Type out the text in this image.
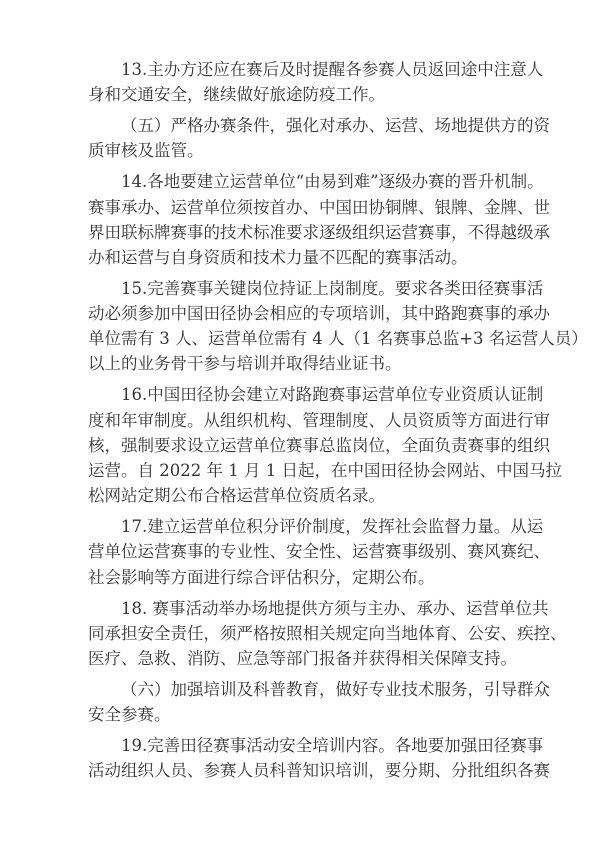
13.主办方还应在赛后及时提醒各参赛人员返回途中注意人
身和交通安全，继续做好旅途防疫工作。

（五）严格办赛条件，强化对承办、运营、场地提供方的资
质审核及监管。

14.各地要建立运营单位“由易到难”逐级办赛的晋升机制。
赛事承办、运营单位须按首办、中国田协铜牌、银牌、金牌、世
界田联标牌赛事的技术标准要求逐级组织运营赛事，不得越级承
办和运营与自身资质和技术力量不匹配的赛事活动。

15.完善赛事关键岗位持证上岗制度。要求各类田径赛事活
动必须参加中国田径协会相应的专项培训，其中路跑赛事的承办
单位需有 3 人、运营单位需有 4 人（1 名赛事总监+3 名运营人员）
以上的业务骨干参与培训并取得结业证书。

16.中国田径协会建立对路跑赛事运营单位专业资质认证制
度和年审制度。从组织机构、管理制度、人员资质等方面进行审
核，强制要求设立运营单位赛事总监岗位，全面负责赛事的组织
运营。自 2022 年 1 月 1 日起，在中国田径协会网站、中国马拉
松网站定期公布合格运营单位资质名录。

17.建立运营单位积分评价制度，发挥社会监督力量。从运
营单位运营赛事的专业性、安全性、运营赛事级别、赛风赛纪、
社会影响等方面进行综合评估积分，定期公布。

18. 赛事活动举办场地提供方须与主办、承办、运营单位共
同承担安全责任，须严格按照相关规定向当地体育、公安、疾控、
医疗、急救、消防、应急等部门报备并获得相关保障支持。

（六）加强培训及科普教育，做好专业技术服务，引导群众
安全参赛。

19.完善田径赛事活动安全培训内容。各地要加强田径赛事
活动组织人员、参赛人员科普知识培训，要分期、分批组织各赛
